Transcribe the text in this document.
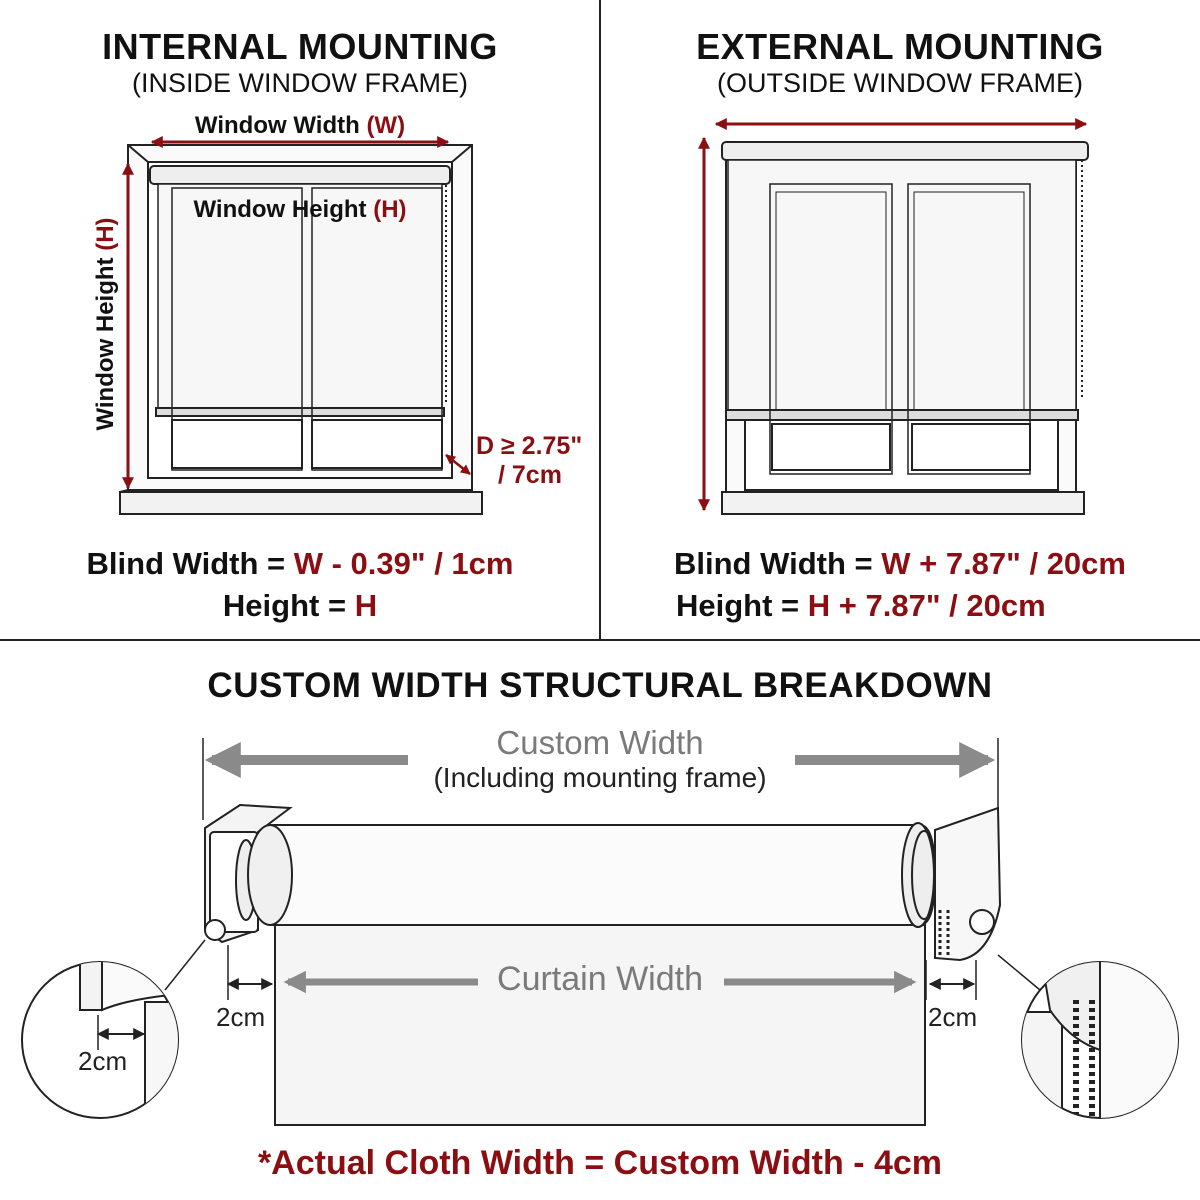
INTERNAL MOUNTING
(INSIDE WINDOW FRAME)
Window Width (W)
Window Height (H)
Window Height (H)
D ≥ 2.75"
/ 7cm
Blind Width = W - 0.39" / 1cm
Height = H
EXTERNAL MOUNTING
(OUTSIDE WINDOW FRAME)
Blind Width = W + 7.87" / 20cm
Height = H + 7.87" / 20cm
CUSTOM WIDTH STRUCTURAL BREAKDOWN
Custom Width
(Including mounting frame)
Curtain Width
2cm	2cm
2cm
*Actual Cloth Width = Custom Width - 4cm
